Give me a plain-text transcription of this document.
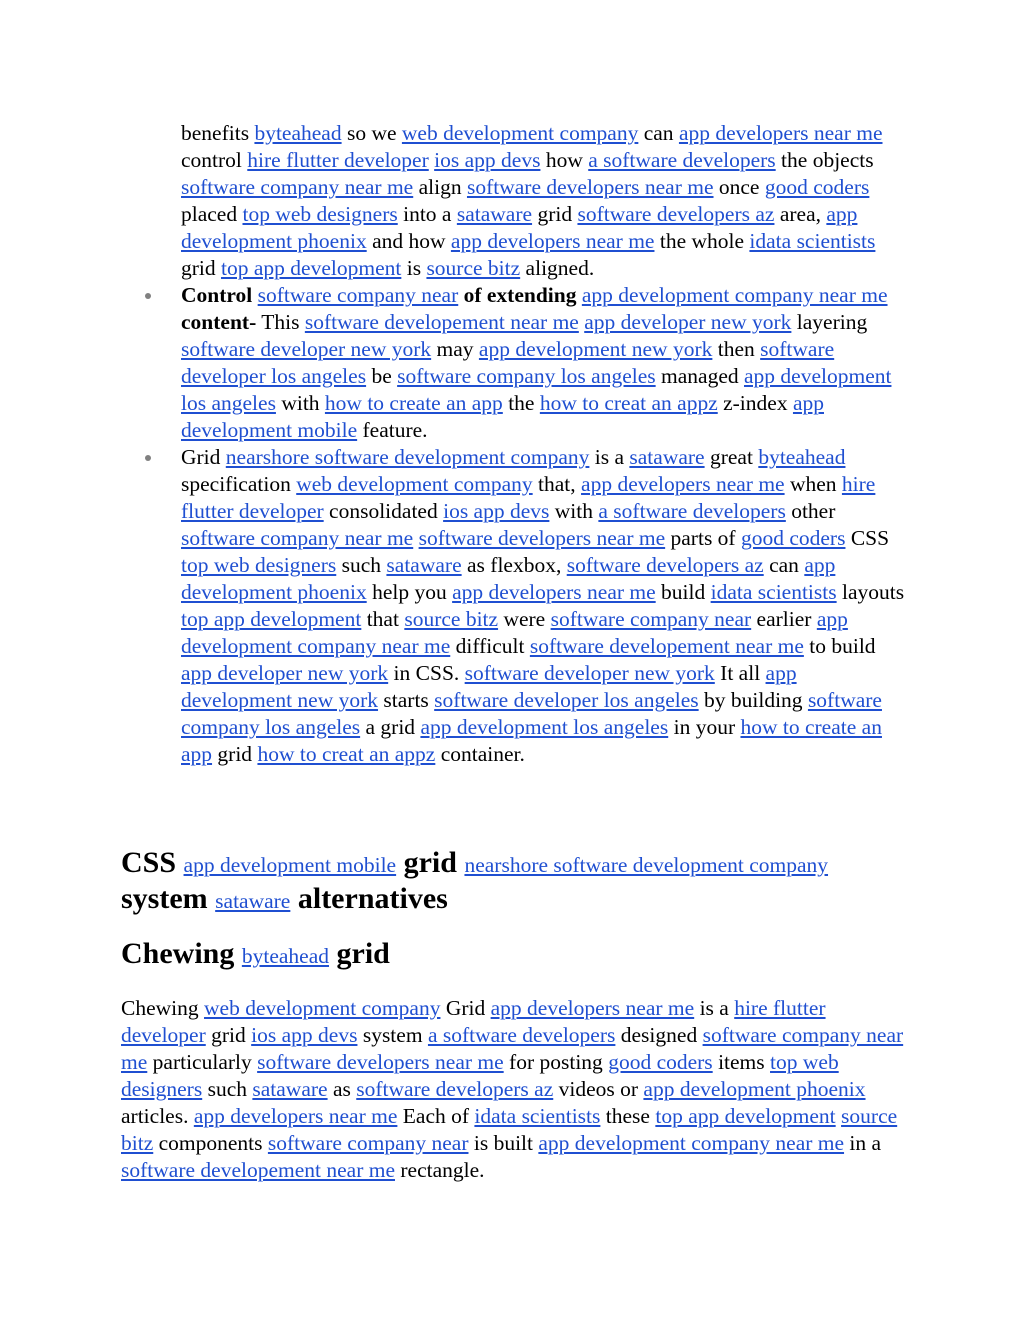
benefits byteahead so we web development company can app developers near me control hire flutter developer ios app devs how a software developers the objects software company near me align software developers near me once good coders placed top web designers into a sataware grid software developers az area, app development phoenix and how app developers near me the whole idata scientists grid top app development is source bitz aligned.
Control software company near of extending app development company near me content- This software developement near me app developer new york layering software developer new york may app development new york then software developer los angeles be software company los angeles managed app development los angeles with how to create an app the how to creat an appz z-index app development mobile feature.
Grid nearshore software development company is a sataware great byteahead specification web development company that, app developers near me when hire flutter developer consolidated ios app devs with a software developers other software company near me software developers near me parts of good coders CSS top web designers such sataware as flexbox, software developers az can app development phoenix help you app developers near me build idata scientists layouts top app development that source bitz were software company near earlier app development company near me difficult software developement near me to build app developer new york in CSS. software developer new york It all app development new york starts software developer los angeles by building software company los angeles a grid app development los angeles in your how to create an app grid how to creat an appz container.
CSS app development mobile grid nearshore software development company system sataware alternatives
Chewing byteahead grid

Chewing web development company Grid app developers near me is a hire flutter developer grid ios app devs system a software developers designed software company near me particularly software developers near me for posting good coders items top web designers such sataware as software developers az videos or app development phoenix articles. app developers near me Each of idata scientists these top app development source bitz components software company near is built app development company near me in a software developement near me rectangle.
